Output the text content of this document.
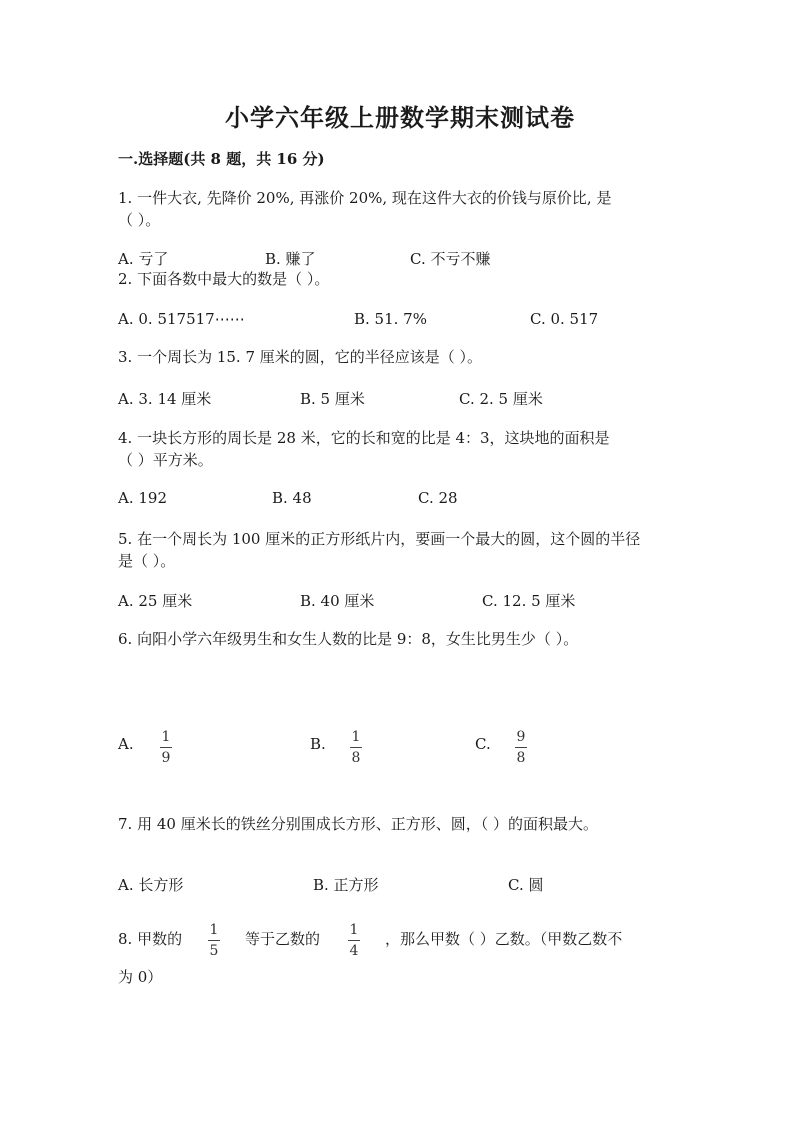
小学六年级上册数学期末测试卷
一.选择题(共 8 题，共 16 分)
1. 一件大衣, 先降价 20%, 再涨价 20%, 现在这件大衣的价钱与原价比, 是
（ ）。
A. 亏了	B. 赚了	C. 不亏不赚
2. 下面各数中最大的数是（ ）。
A. 0. 517517⋯⋯	B. 51. 7%	C. 0. 517
3. 一个周长为 15. 7 厘米的圆，它的半径应该是（ ）。
A. 3. 14 厘米	B. 5 厘米	C. 2. 5 厘米
4. 一块长方形的周长是 28 米，它的长和宽的比是 4：3，这块地的面积是
（ ）平方米。
A. 192	B. 48	C. 28
5. 在一个周长为 100 厘米的正方形纸片内，要画一个最大的圆，这个圆的半径
是（ ）。
A. 25 厘米	B. 40 厘米	C. 12. 5 厘米
6. 向阳小学六年级男生和女生人数的比是 9：8，女生比男生少（ ）。
A. 1
9
B. 1
8
C. 9
8
7. 用 40 厘米长的铁丝分别围成长方形、正方形、圆，（ ）的面积最大。
A. 长方形	B. 正方形	C. 圆
8. 甲数的 1
5
等于乙数的 1
4
，那么甲数（ ）乙数。（甲数乙数不
为 0）
